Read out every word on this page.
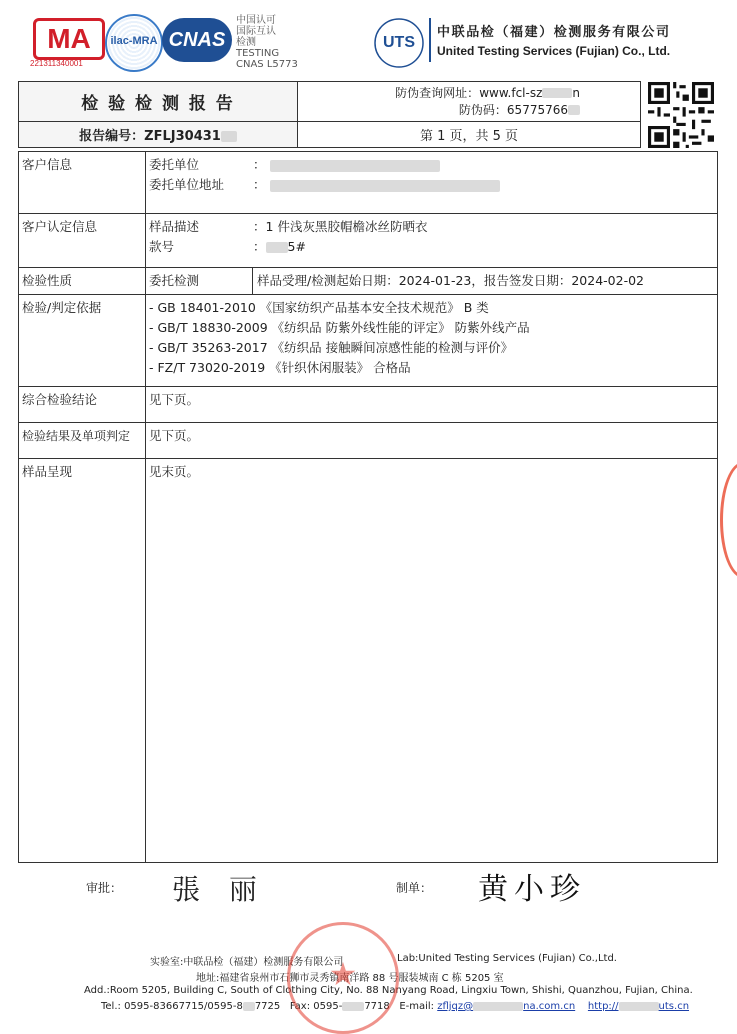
MA
221311340001
ilac-MRA CNAS
中国认可
国际互认
检测
TESTING
CNAS L5773
UTS
中联品检（福建）检测服务有限公司
United Testing Services (Fujian) Co., Ltd.
检 验 检 测 报 告	防伪查询网址：www.fcl-sz n
防伪码：65775766

报告编号：ZFLJ30431	第 1 页，共 5 页
客户信息	委托单位 ：
委托单位地址 ：

客户认定信息	样品描述 ：1 件浅灰黑胶帽檐冰丝防晒衣
款号 ： 5#

检验性质	委托检测 样品受理/检测起始日期：2024-01-23，报告签发日期：2024-02-02
检验/判定依据	- GB 18401-2010 《国家纺织产品基本安全技术规范》 B 类
- GB/T 18830-2009 《纺织品 防紫外线性能的评定》 防紫外线产品
- GB/T 35263-2017 《纺织品 接触瞬间凉感性能的检测与评价》
- FZ/T 73020-2019 《针织休闲服装》 合格品

综合检验结论	见下页。
检验结果及单项判定	见下页。
样品呈现	见末页。
审批： 張 丽	制单： 黄小珍
实验室:中联品检（福建）检测服务有限公司	Lab:United Testing Services (Fujian) Co.,Ltd.
地址:福建省泉州市石狮市灵秀镇南洋路 88 号服装城南 C 栋 5205 室
Add.:Room 5205, Building C, South of Clothing City, No. 88 Nanyang Road, Lingxiu Town, Shishi, Quanzhou, Fujian, China.
Tel.: 0595-83667715/0595-8 7725 Fax: 0595- 7718 E-mail: zfljqz@	na.com.cn http://	uts.cn
★
